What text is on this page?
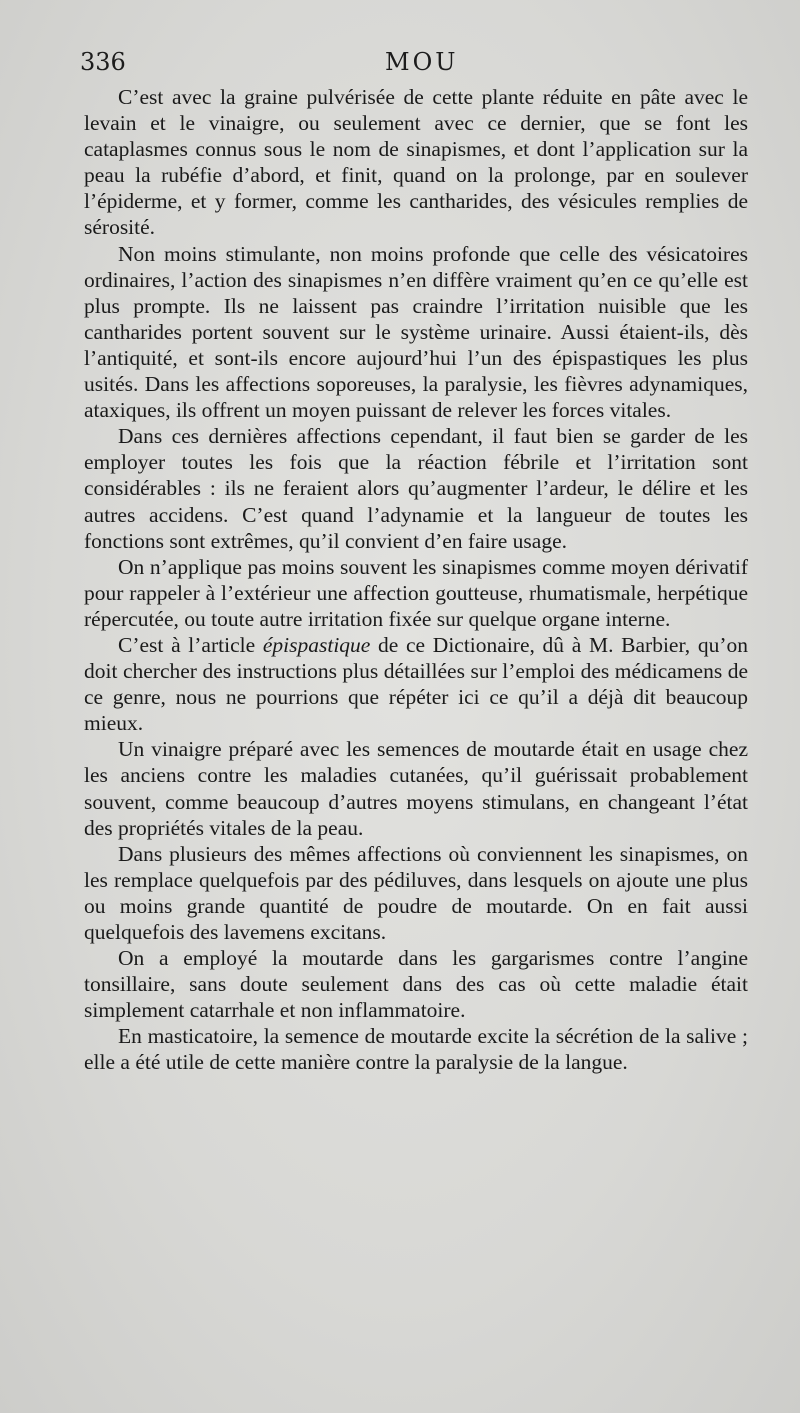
336	MOU

C’est avec la graine pulvérisée de cette plante réduite en pâte avec le levain et le vinaigre, ou seulement avec ce dernier, que se font les cataplasmes connus sous le nom de sinapismes, et dont l’application sur la peau la rubéfie d’abord, et finit, quand on la prolonge, par en soulever l’épiderme, et y former, comme les cantharides, des vésicules remplies de sérosité.

Non moins stimulante, non moins profonde que celle des vésicatoires ordinaires, l’action des sinapismes n’en diffère vraiment qu’en ce qu’elle est plus prompte. Ils ne laissent pas craindre l’irritation nuisible que les cantharides portent souvent sur le système urinaire. Aussi étaient-ils, dès l’antiquité, et sont-ils encore aujourd’hui l’un des épispastiques les plus usités. Dans les affections soporeuses, la paralysie, les fièvres adynamiques, ataxiques, ils offrent un moyen puissant de relever les forces vitales.

Dans ces dernières affections cependant, il faut bien se garder de les employer toutes les fois que la réaction fébrile et l’irritation sont considérables : ils ne feraient alors qu’augmenter l’ardeur, le délire et les autres accidens. C’est quand l’adynamie et la langueur de toutes les fonctions sont extrêmes, qu’il convient d’en faire usage.

On n’applique pas moins souvent les sinapismes comme moyen dérivatif pour rappeler à l’extérieur une affection goutteuse, rhumatismale, herpétique répercutée, ou toute autre irritation fixée sur quelque organe interne.

C’est à l’article épispastique de ce Dictionaire, dû à M. Barbier, qu’on doit chercher des instructions plus détaillées sur l’emploi des médicamens de ce genre, nous ne pourrions que répéter ici ce qu’il a déjà dit beaucoup mieux.

Un vinaigre préparé avec les semences de moutarde était en usage chez les anciens contre les maladies cutanées, qu’il guérissait probablement souvent, comme beaucoup d’autres moyens stimulans, en changeant l’état des propriétés vitales de la peau.

Dans plusieurs des mêmes affections où conviennent les sinapismes, on les remplace quelquefois par des pédiluves, dans lesquels on ajoute une plus ou moins grande quantité de poudre de moutarde. On en fait aussi quelquefois des lavemens excitans.

On a employé la moutarde dans les gargarismes contre l’angine tonsillaire, sans doute seulement dans des cas où cette maladie était simplement catarrhale et non inflammatoire.

En masticatoire, la semence de moutarde excite la sécrétion de la salive ; elle a été utile de cette manière contre la paralysie de la langue.
